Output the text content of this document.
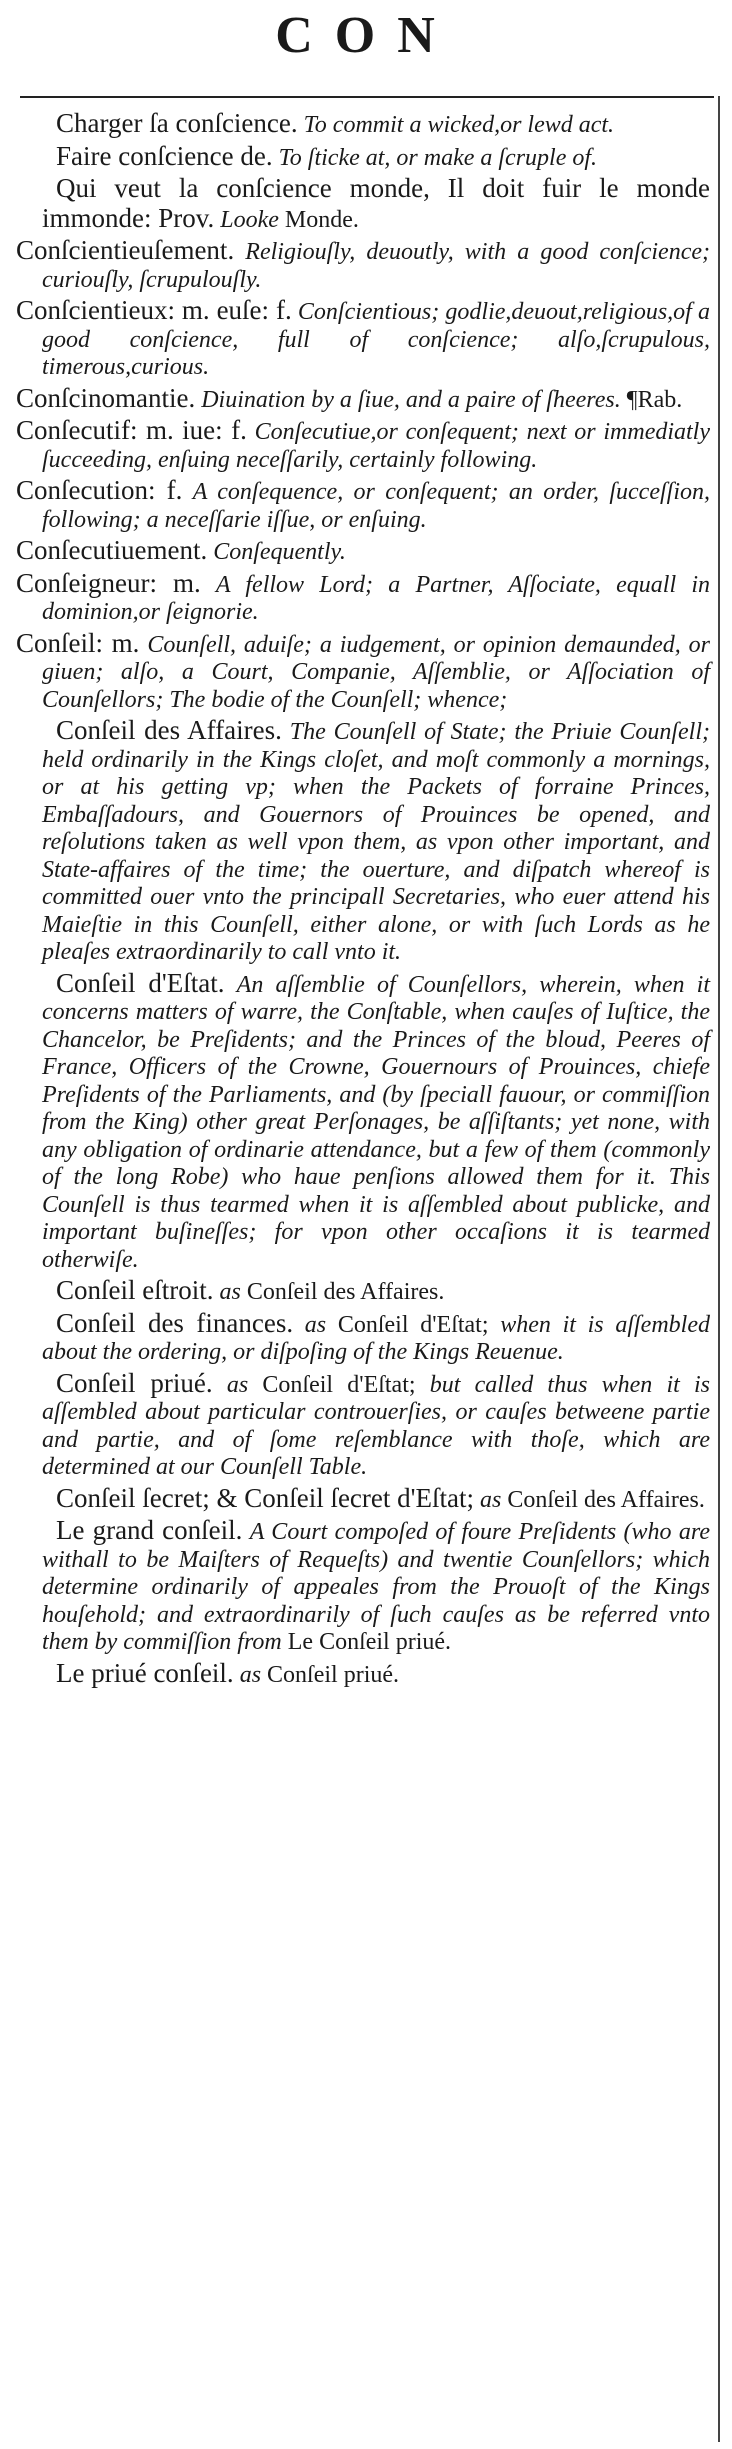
CON

Charger ſa conſcience. To commit a wicked,or lewd act.

Faire conſcience de. To ſticke at, or make a ſcruple of.

Qui veut la conſcience monde, Il doit fuir le monde immonde: Prov. Looke Monde.

Conſcientieuſement. Religiouſly, deuoutly, with a good conſcience; curiouſly, ſcrupulouſly.

Conſcientieux: m. euſe: f. Conſcientious; godlie,deuout,religious,of a good conſcience, full of conſcience; alſo,ſcrupulous, timerous,curious.

Conſcinomantie. Diuination by a ſiue, and a paire of ſheeres. ¶Rab.

Conſecutif: m. iue: f. Conſecutiue,or conſequent; next or immediatly ſucceeding, enſuing neceſſarily, certainly following.

Conſecution: f. A conſequence, or conſequent; an order, ſucceſſion, following; a neceſſarie iſſue, or enſuing.

Conſecutiuement. Conſequently.

Conſeigneur: m. A fellow Lord; a Partner, Aſſociate, equall in dominion,or ſeignorie.

Conſeil: m. Counſell, aduiſe; a iudgement, or opinion demaunded, or giuen; alſo, a Court, Companie, Aſſemblie, or Aſſociation of Counſellors; The bodie of the Counſell; whence;

Conſeil des Affaires. The Counſell of State; the Priuie Counſell; held ordinarily in the Kings cloſet, and moſt commonly a mornings, or at his getting vp; when the Packets of forraine Princes, Embaſſadours, and Gouernors of Prouinces be opened, and reſolutions taken as well vpon them, as vpon other important, and State-affaires of the time; the ouerture, and diſpatch whereof is committed ouer vnto the principall Secretaries, who euer attend his Maieſtie in this Counſell, either alone, or with ſuch Lords as he pleaſes extraordinarily to call vnto it.

Conſeil d'Eſtat. An aſſemblie of Counſellors, wherein, when it concerns matters of warre, the Conſtable, when cauſes of Iuſtice, the Chancelor, be Preſidents; and the Princes of the bloud, Peeres of France, Officers of the Crowne, Gouernours of Prouinces, chiefe Preſidents of the Parliaments, and (by ſpeciall fauour, or commiſſion from the King) other great Perſonages, be aſſiſtants; yet none, with any obligation of ordinarie attendance, but a few of them (commonly of the long Robe) who haue penſions allowed them for it. This Counſell is thus tearmed when it is aſſembled about publicke, and important buſineſſes; for vpon other occaſions it is tearmed otherwiſe.

Conſeil eſtroit. as Conſeil des Affaires.

Conſeil des finances. as Conſeil d'Eſtat; when it is aſſembled about the ordering, or diſpoſing of the Kings Reuenue.

Conſeil priué. as Conſeil d'Eſtat; but called thus when it is aſſembled about particular controuerſies, or cauſes betweene partie and partie, and of ſome reſemblance with thoſe, which are determined at our Counſell Table.

Conſeil ſecret; & Conſeil ſecret d'Eſtat; as Conſeil des Affaires.

Le grand conſeil. A Court compoſed of foure Preſidents (who are withall to be Maiſters of Requeſts) and twentie Counſellors; which determine ordinarily of appeales from the Prouoſt of the Kings houſehold; and extraordinarily of ſuch cauſes as be referred vnto them by commiſſion from Le Conſeil priué.

Le priué conſeil. as Conſeil priué.
